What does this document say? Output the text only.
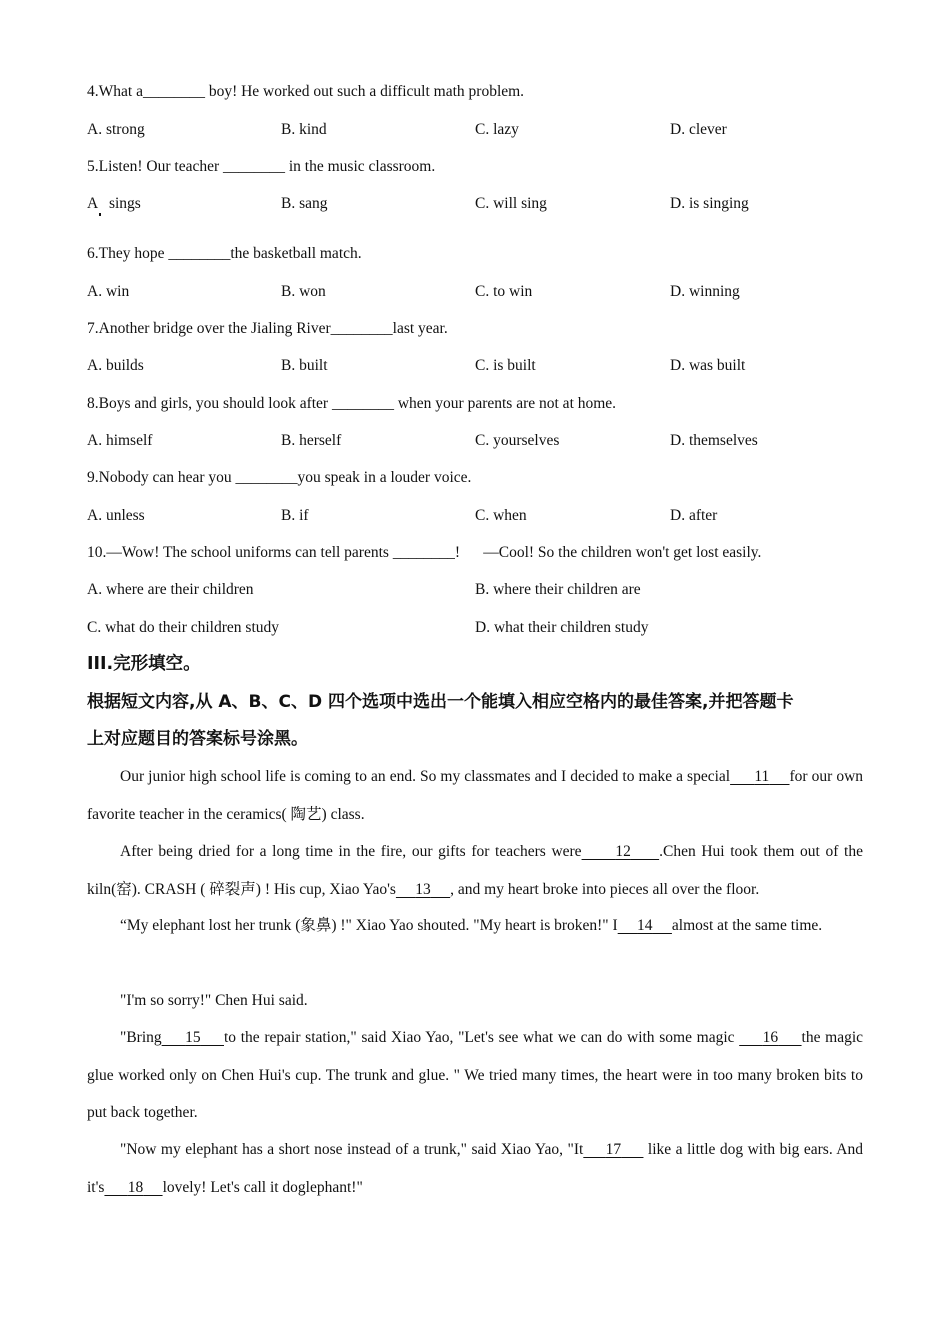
4.What a________ boy! He worked out such a difficult math problem.
A. strong	B. kind	C. lazy	D. clever
5.Listen! Our teacher ________ in the music classroom.
A   sings	B. sang	C. will sing	D. is singing
6.They hope ________the basketball match.
A. win	B. won	C. to win	D. winning
7.Another bridge over the Jialing River________last year.
A. builds	B. built	C. is built	D. was built
8.Boys and girls, you should look after ________ when your parents are not at home.
A. himself	B. herself	C. yourselves	D. themselves
9.Nobody can hear you ________you speak in a louder voice.
A. unless	B. if	C. when	D. after
10.—Wow! The school uniforms can tell parents ________!      —Cool! So the children won't get lost easily.
A. where are their children	B. where their children are
C. what do their children study	D. what their children study
III.完形填空。
根据短文内容,从 A、B、C、D 四个选项中选出一个能填入相应空格内的最佳答案,并把答题卡
上对应题目的答案标号涂黑。
Our junior high school life is coming to an end. So my classmates and I decided to make a special 11 for our own favorite teacher in the ceramics( 陶艺) class.
After being dried for a long time in the fire, our gifts for teachers were 12 .Chen Hui took them out of the kiln(窑). CRASH ( 碎裂声) ! His cup, Xiao Yao's 13 , and my heart broke into pieces all over the floor.
“My elephant lost her trunk (象鼻) !" Xiao Yao shouted. "My heart is broken!" I 14 almost at the same time.
"I'm so sorry!" Chen Hui said.
"Bring 15 to the repair station," said Xiao Yao, "Let's see what we can do with some magic      16 the magic glue worked only on Chen Hui's cup. The trunk and glue. " We tried many times, the heart were in too many broken bits to put back together.
"Now my elephant has a short nose instead of a trunk," said Xiao Yao, "It 17      like a little dog with big ears. And it's 18 lovely! Let's call it doglephant!"
